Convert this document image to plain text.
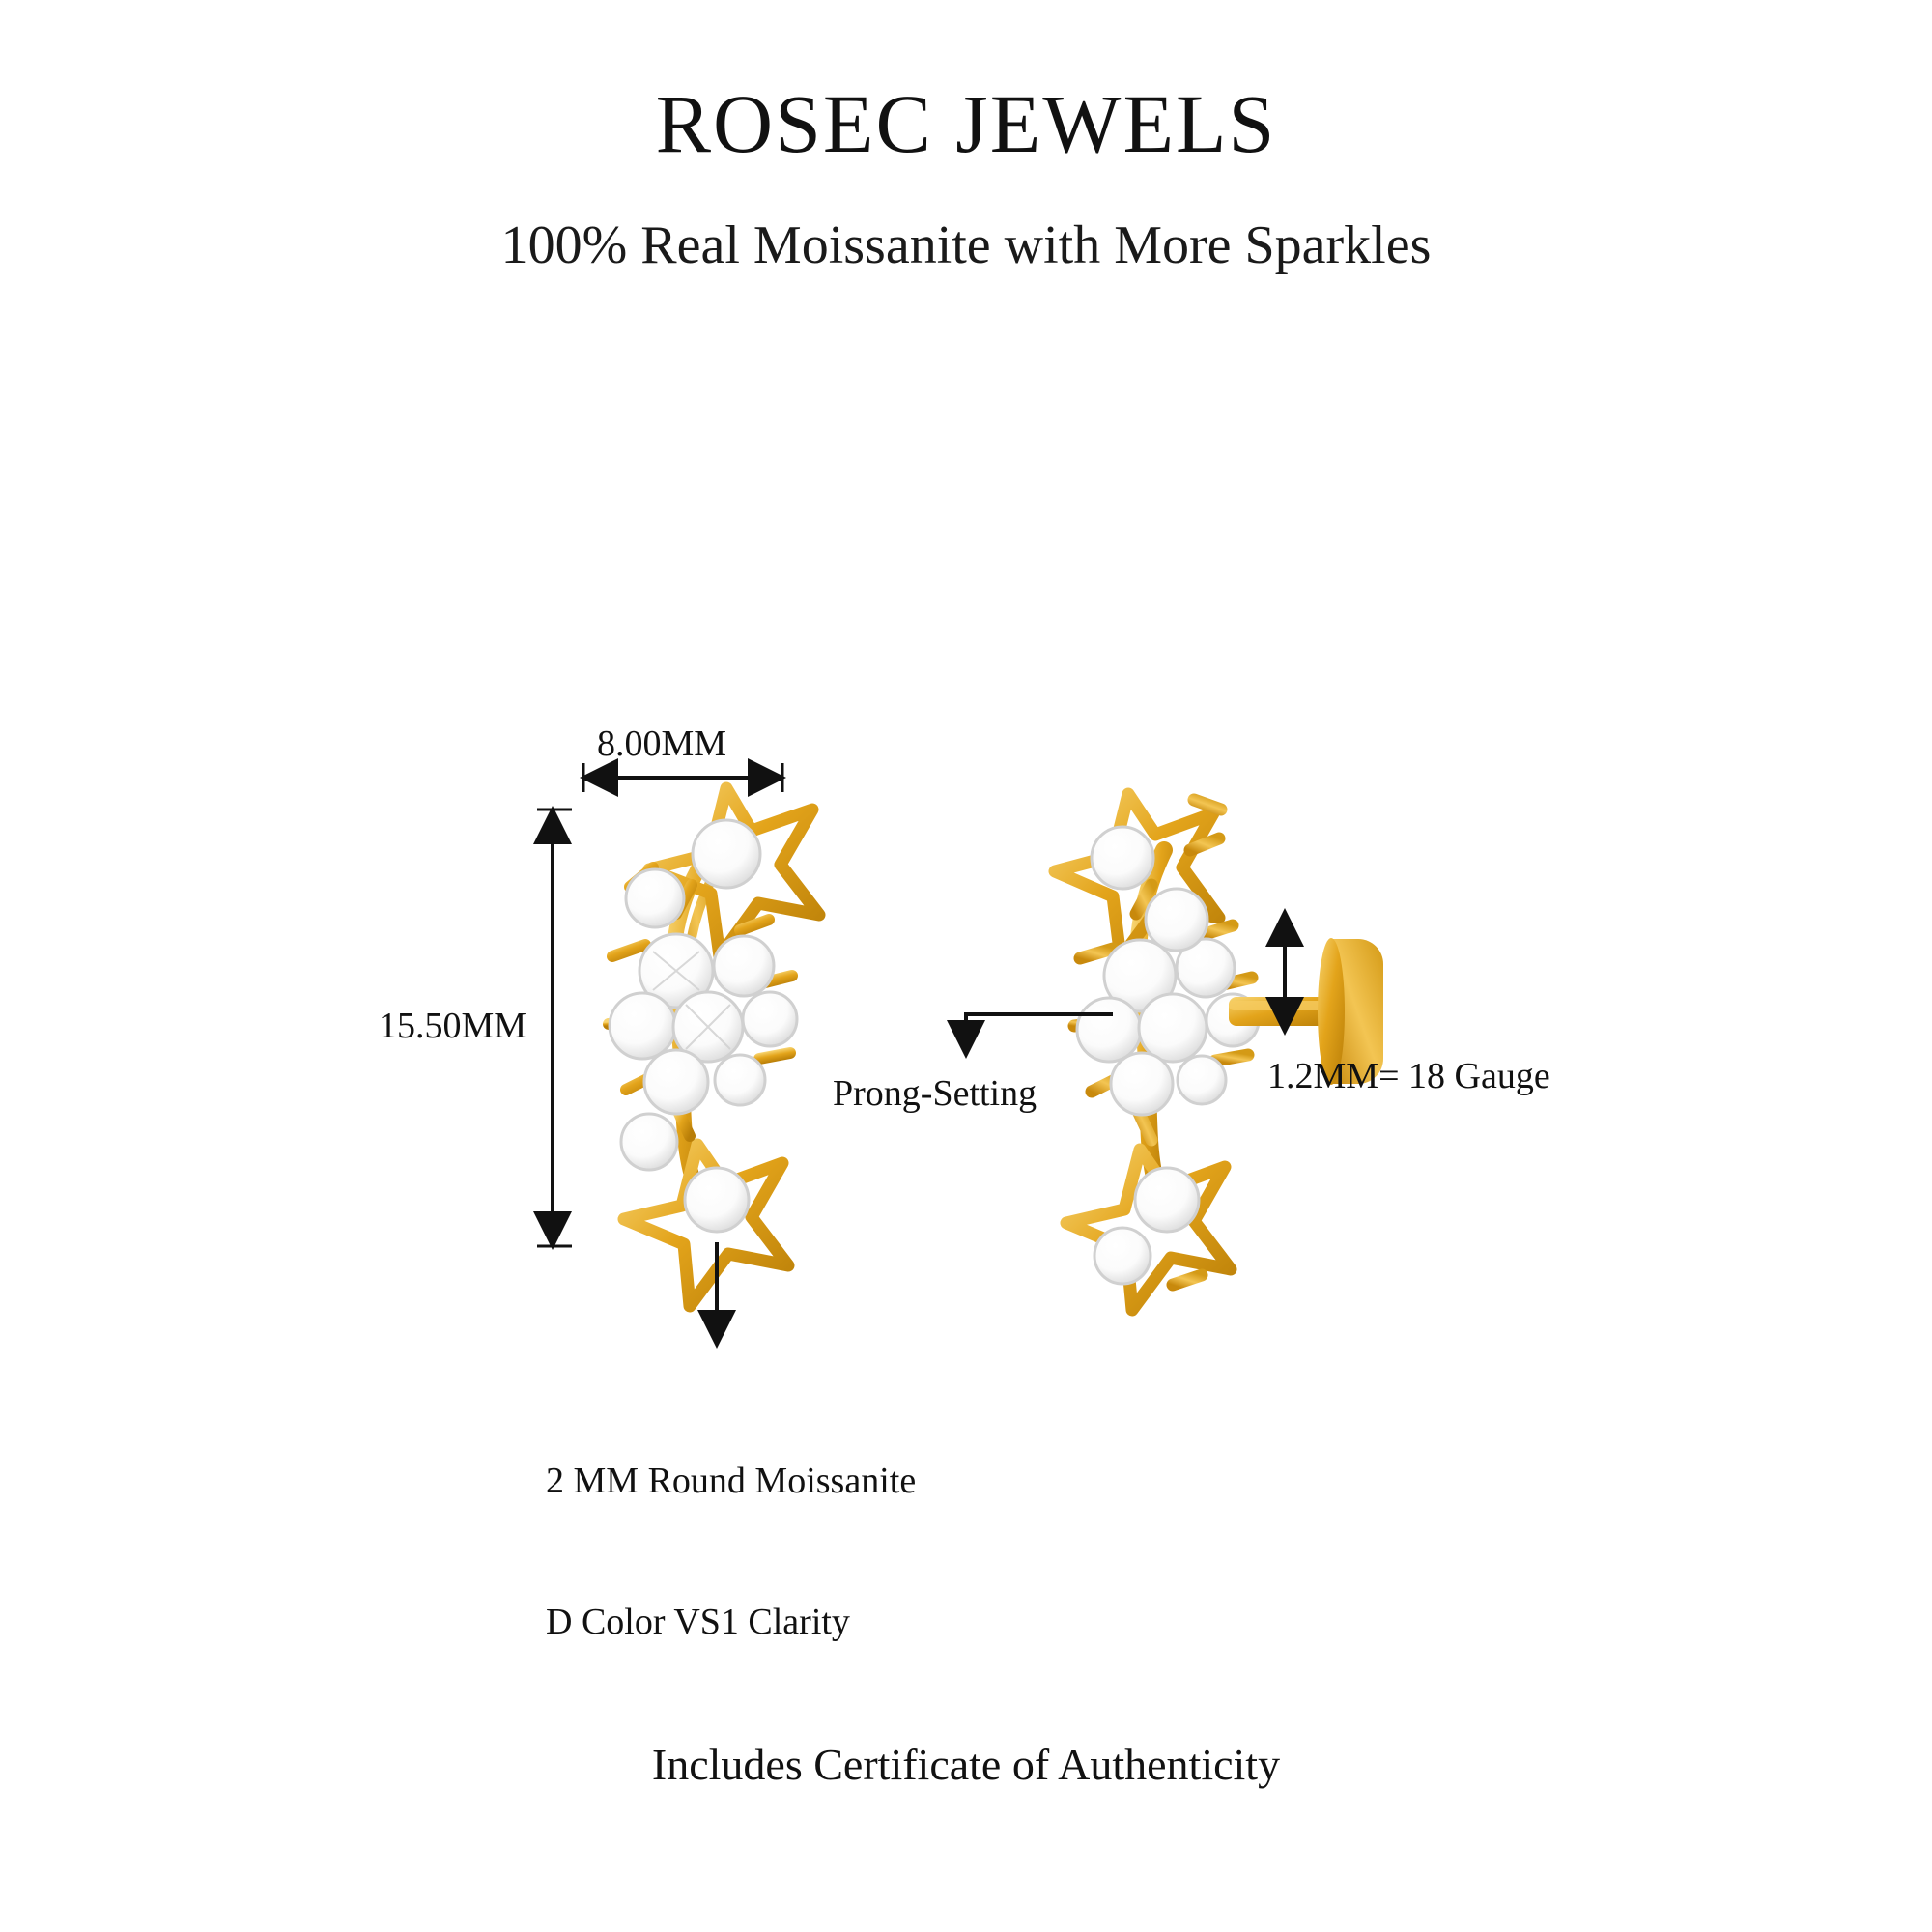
ROSEC JEWELS
100% Real Moissanite with More Sparkles
8.00MM
15.50MM
Prong-Setting	1.2MM= 18 Gauge

2 MM Round Moissanite

D Color VS1 Clarity

Includes Certificate of Authenticity
